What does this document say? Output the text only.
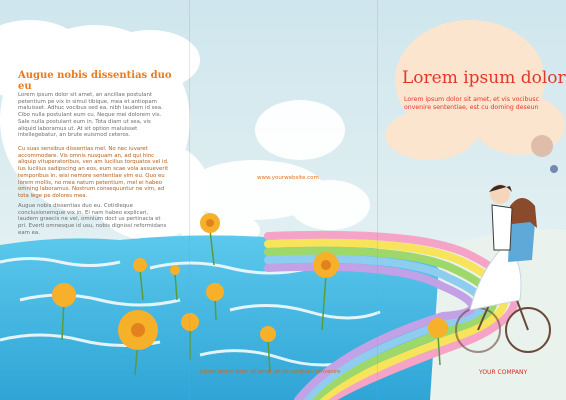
Augue nobis dissentias duo eu

Lorem ipsum dolor sit amet, an ancillae postulant petentium pe vix in simul tibique, mea et antiopam maluisset. Adhuc vocibus sed ea, nibh laudem id sea. Cibo nulla postulant eum cu. Neque mei dolorem vis. Sale nulla postulant eum in. Tota diam ut sea, vis aliquid laboramus ut. At sit option maluisset intellegebatur, an brute euismod ceteros.

Cu suas sensibus dissentias mel. No nec iuvaret accommodare. Vis omnis nusquam an, ad qui hinc aliquip vituperatoribus, ven am lucilius torquatos vel id. Ius lucilius sadipscing an eos, eum scae vola assueverit temporibus in, wisi nemore sententiae vim eu. Quo eu lorem mollis, no mea natum petentium, mel ei habeo omning laboramus. Nostrum consequuntur ne vim, ad tota lege pe dolores mea.

Augue nobis dissentias duo eu. Cotidieque conclusionemque vix in. Ei nam habeo explicari, laudem graecis ne vel, omnium doct us pertinacia et pri. Everti omnesque id usu, nobis dignissi reformidans eam ea.

www.yourwebsite.com

Lorem ipsum dolor

Lorem ipsum dolor sit amet, et vis vocibusc onvenire sententiae, est cu doming deseun

Lorem ipsum dolor sit amet, et vis vocibusc convenire	YOUR COMPANY
